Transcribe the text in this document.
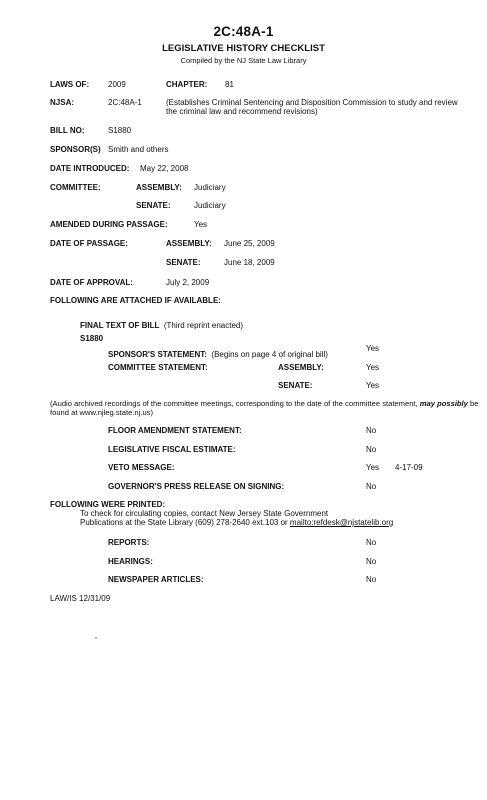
2C:48A-1
LEGISLATIVE HISTORY CHECKLIST
Compiled by the NJ State Law Library
LAWS OF: 2009	CHAPTER: 81
NJSA:	2C:48A-1	(Establishes Criminal Sentencing and Disposition Commission to study and review the criminal law and recommend revisions)
BILL NO:	S1880
SPONSOR(S) Smith and others
DATE INTRODUCED: May 22, 2008
COMMITTEE:	ASSEMBLY: Judiciary
SENATE:	Judiciary
AMENDED DURING PASSAGE:	Yes
DATE OF PASSAGE:	ASSEMBLY: June 25, 2009
SENATE:	June 18, 2009
DATE OF APPROVAL:	July 2, 2009
FOLLOWING ARE ATTACHED IF AVAILABLE:
FINAL TEXT OF BILL (Third reprint enacted)
S1880
SPONSOR'S STATEMENT: (Begins on page 4 of original bill)
Yes
COMMITTEE STATEMENT:	ASSEMBLY:	Yes
SENATE:	Yes
(Audio archived recordings of the committee meetings, corresponding to the date of the committee statement, may possibly be found at www.njleg.state.nj.us)
FLOOR AMENDMENT STATEMENT:	No
LEGISLATIVE FISCAL ESTIMATE:	No
VETO MESSAGE:	Yes 4-17-09
GOVERNOR'S PRESS RELEASE ON SIGNING:	No
FOLLOWING WERE PRINTED:
To check for circulating copies, contact New Jersey State Government
Publications at the State Library (609) 278-2640 ext.103 or mailto:refdesk@njstatelib.org
REPORTS:	No
HEARINGS:	No
NEWSPAPER ARTICLES:	No
LAW/IS 12/31/09
